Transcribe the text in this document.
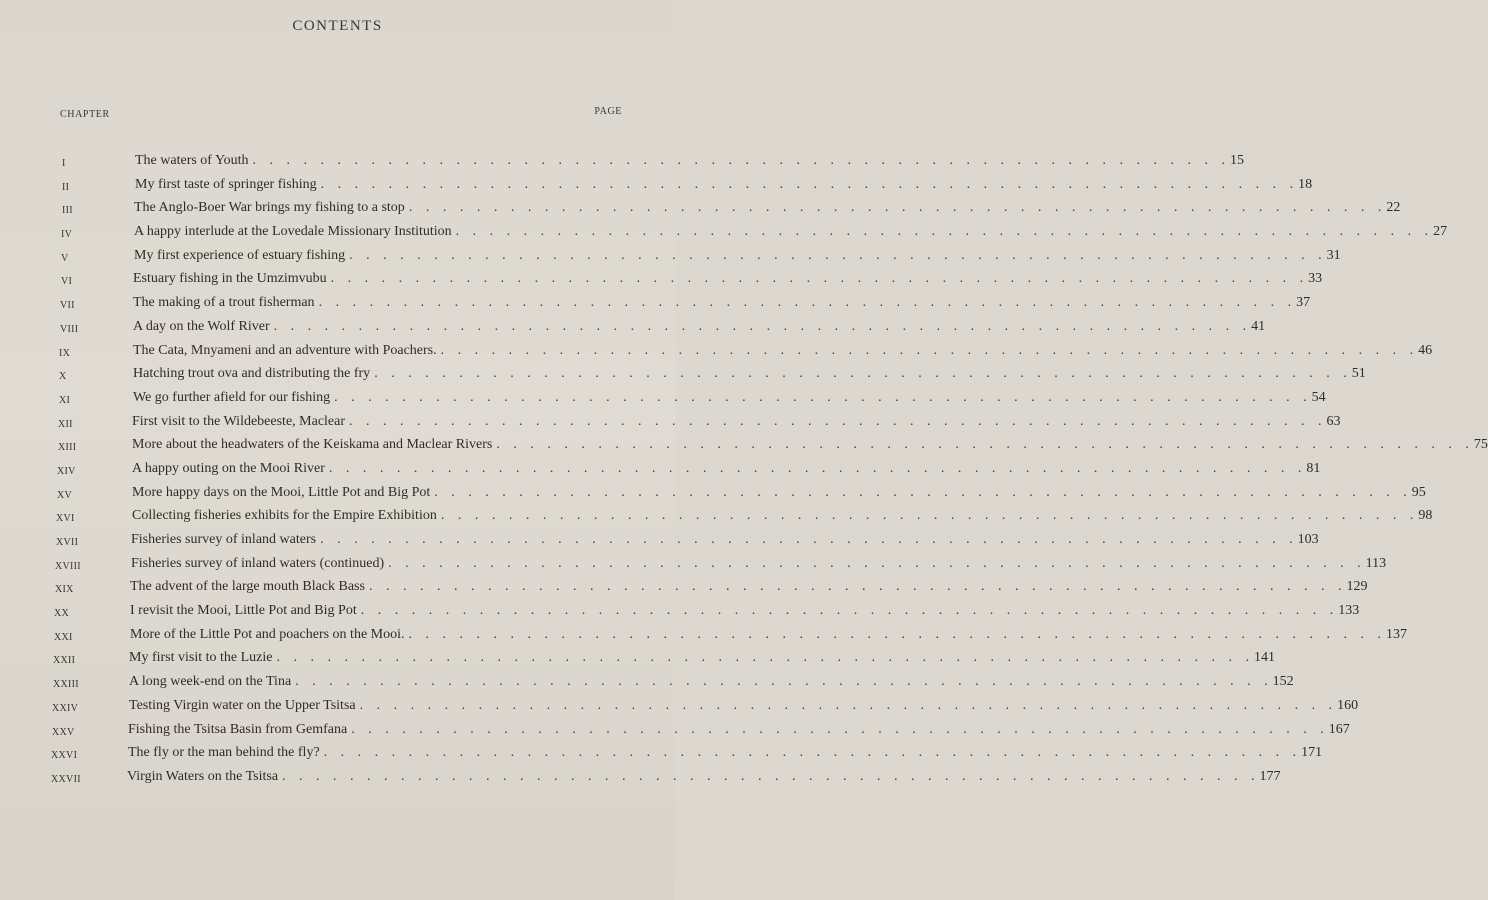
CONTENTS
CHAPTER	PAGE
I	The waters of Youth . . . . . . . . . . . . . . . . . . . . . . . . . . . . . . . . . . . . . . . . . . . . . . . . . . . . . . . . . . 15
II	My first taste of springer fishing . . . . . . . . . . . . . . . . . . . . . . . . . . . . . . . . . . . . . . . . . . . . . . . . . . . . . . . . . . 18
III	The Anglo-Boer War brings my fishing to a stop . . . . . . . . . . . . . . . . . . . . . . . . . . . . . . . . . . . . . . . . . . . . . . . . . . . . . . . . . . 22
IV	A happy interlude at the Lovedale Missionary Institution . . . . . . . . . . . . . . . . . . . . . . . . . . . . . . . . . . . . . . . . . . . . . . . . . . . . . . . . . . 27
V	My first experience of estuary fishing . . . . . . . . . . . . . . . . . . . . . . . . . . . . . . . . . . . . . . . . . . . . . . . . . . . . . . . . . . 31
VI	Estuary fishing in the Umzimvubu . . . . . . . . . . . . . . . . . . . . . . . . . . . . . . . . . . . . . . . . . . . . . . . . . . . . . . . . . . 33
VII	The making of a trout fisherman . . . . . . . . . . . . . . . . . . . . . . . . . . . . . . . . . . . . . . . . . . . . . . . . . . . . . . . . . . 37
VIII	A day on the Wolf River . . . . . . . . . . . . . . . . . . . . . . . . . . . . . . . . . . . . . . . . . . . . . . . . . . . . . . . . . . 41
IX	The Cata, Mnyameni and an adventure with Poachers. . . . . . . . . . . . . . . . . . . . . . . . . . . . . . . . . . . . . . . . . . . . . . . . . . . . . . . . . . . 46
X	Hatching trout ova and distributing the fry . . . . . . . . . . . . . . . . . . . . . . . . . . . . . . . . . . . . . . . . . . . . . . . . . . . . . . . . . . 51
XI	We go further afield for our fishing . . . . . . . . . . . . . . . . . . . . . . . . . . . . . . . . . . . . . . . . . . . . . . . . . . . . . . . . . . 54
XII	First visit to the Wildebeeste, Maclear . . . . . . . . . . . . . . . . . . . . . . . . . . . . . . . . . . . . . . . . . . . . . . . . . . . . . . . . . . 63
XIII	More about the headwaters of the Keiskama and Maclear Rivers . . . . . . . . . . . . . . . . . . . . . . . . . . . . . . . . . . . . . . . . . . . . . . . . . . . . . . . . . . 75
XIV	A happy outing on the Mooi River . . . . . . . . . . . . . . . . . . . . . . . . . . . . . . . . . . . . . . . . . . . . . . . . . . . . . . . . . . 81
XV	More happy days on the Mooi, Little Pot and Big Pot . . . . . . . . . . . . . . . . . . . . . . . . . . . . . . . . . . . . . . . . . . . . . . . . . . . . . . . . . . 95
XVI	Collecting fisheries exhibits for the Empire Exhibition . . . . . . . . . . . . . . . . . . . . . . . . . . . . . . . . . . . . . . . . . . . . . . . . . . . . . . . . . . 98
XVII	Fisheries survey of inland waters . . . . . . . . . . . . . . . . . . . . . . . . . . . . . . . . . . . . . . . . . . . . . . . . . . . . . . . . . . 103
XVIII	Fisheries survey of inland waters (continued) . . . . . . . . . . . . . . . . . . . . . . . . . . . . . . . . . . . . . . . . . . . . . . . . . . . . . . . . . . 113
XIX	The advent of the large mouth Black Bass . . . . . . . . . . . . . . . . . . . . . . . . . . . . . . . . . . . . . . . . . . . . . . . . . . . . . . . . . . 129
XX	I revisit the Mooi, Little Pot and Big Pot . . . . . . . . . . . . . . . . . . . . . . . . . . . . . . . . . . . . . . . . . . . . . . . . . . . . . . . . . . 133
XXI	More of the Little Pot and poachers on the Mooi. . . . . . . . . . . . . . . . . . . . . . . . . . . . . . . . . . . . . . . . . . . . . . . . . . . . . . . . . . . 137
XXII	My first visit to the Luzie . . . . . . . . . . . . . . . . . . . . . . . . . . . . . . . . . . . . . . . . . . . . . . . . . . . . . . . . . . 141
XXIII	A long week-end on the Tina . . . . . . . . . . . . . . . . . . . . . . . . . . . . . . . . . . . . . . . . . . . . . . . . . . . . . . . . . . 152
XXIV	Testing Virgin water on the Upper Tsitsa . . . . . . . . . . . . . . . . . . . . . . . . . . . . . . . . . . . . . . . . . . . . . . . . . . . . . . . . . . 160
XXV	Fishing the Tsitsa Basin from Gemfana . . . . . . . . . . . . . . . . . . . . . . . . . . . . . . . . . . . . . . . . . . . . . . . . . . . . . . . . . . 167
XXVI	The fly or the man behind the fly? . . . . . . . . . . . . . . . . . . . . . . . . . . . . . . . . . . . . . . . . . . . . . . . . . . . . . . . . . . 171
XXVII	Virgin Waters on the Tsitsa . . . . . . . . . . . . . . . . . . . . . . . . . . . . . . . . . . . . . . . . . . . . . . . . . . . . . . . . . . 177
